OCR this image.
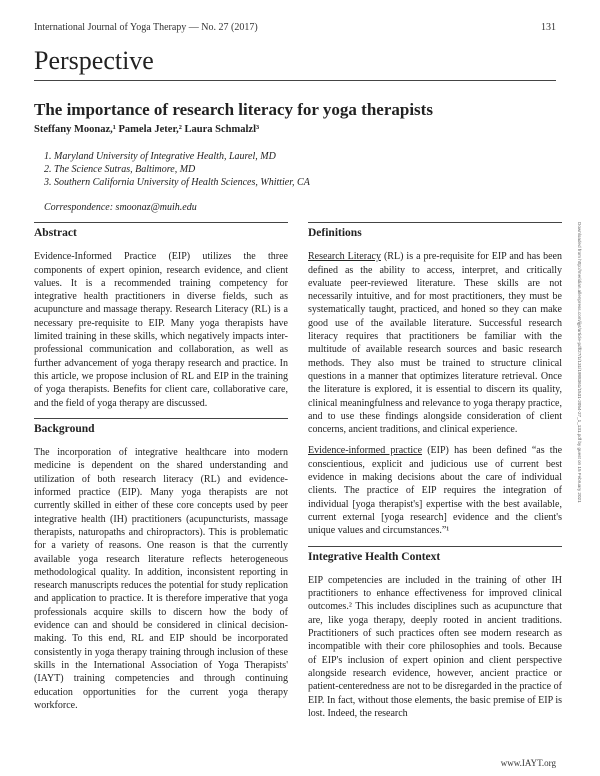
International Journal of Yoga Therapy — No. 27 (2017)	131
Perspective
The importance of research literacy for yoga therapists
Steffany Moonaz,¹ Pamela Jeter,² Laura Schmalzl³
1. Maryland University of Integrative Health, Laurel, MD
2. The Science Sutras, Baltimore, MD
3. Southern California University of Health Sciences, Whittier, CA
Correspondence: smoonaz@muih.edu
Abstract

Evidence-Informed Practice (EIP) utilizes the three components of expert opinion, research evidence, and client values. It is a recommended training competency for integrative health practitioners in diverse fields, such as acupuncture and massage therapy. Research Literacy (RL) is a necessary pre-requisite to EIP. Many yoga therapists have limited training in these skills, which negatively impacts inter-professional communication and collaboration, as well as further advancement of yoga therapy research and practice. In this article, we propose inclusion of RL and EIP in the training of yoga therapists. Benefits for client care, collaborative care, and the field of yoga therapy are discussed.

Background

The incorporation of integrative healthcare into modern medicine is dependent on the shared understanding and utilization of both research literacy (RL) and evidence-informed practice (EIP). Many yoga therapists are not currently skilled in either of these core concepts used by peer integrative health (IH) practitioners (acupuncturists, massage therapists, naturopaths and chiropractors). This is problematic for a variety of reasons. One reason is that the currently available yoga research literature reflects heterogeneous methodological quality. In addition, inconsistent reporting in research manuscripts reduces the potential for study replication and application to practice. It is therefore imperative that yoga professionals acquire skills to discern how the body of evidence can and should be considered in clinical decision-making. To this end, RL and EIP should be incorporated consistently in yoga therapy training through inclusion of these skills in the International Association of Yoga Therapists' (IAYT) training competencies and through continuing education opportunities for the current yoga therapy workforce.

Definitions

Research Literacy (RL) is a pre-requisite for EIP and has been defined as the ability to access, interpret, and critically evaluate peer-reviewed literature. These skills are not necessarily intuitive, and for most practitioners, they must be systematically taught, practiced, and honed so they can make good use of the available literature. Successful research literacy requires that practitioners be familiar with the multitude of available research sources and basic research methods. They also must be trained to structure clinical questions in a manner that optimizes literature retrieval. Once the literature is explored, it is essential to discern its quality, clinical meaningfulness and relevance to yoga therapy practice, and to use these findings alongside consideration of client concerns, ancient traditions, and clinical experience.

Evidence-informed practice (EIP) has been defined “as the conscientious, explicit and judicious use of current best evidence in making decisions about the care of individual clients. The practice of EIP requires the integration of individual [yoga therapist's] expertise with the best available, current external [yoga research] evidence and the client's unique values and circumstances.”¹

Integrative Health Context

EIP competencies are included in the training of other IH practitioners to enhance effectiveness for improved clinical outcomes.² This includes disciplines such as acupuncture that are, like yoga therapy, deeply rooted in ancient traditions. Practitioners of such practices often see modern research as incompatible with their core philosophies and tools. Because of EIP's inclusion of expert opinion and client perspective alongside research evidence, however, ancient practice or patient-centeredness are not to be disregarded in the practice of EIP. In fact, without those elements, the basic premise of EIP is lost. Indeed, the research

Downloaded from http://meridian.allenpress.com/ijyt/article-pdf/27/1/131/1988361/1531-2054-27_1_131.pdf by guest on 15 February 2021
www.IAYT.org
